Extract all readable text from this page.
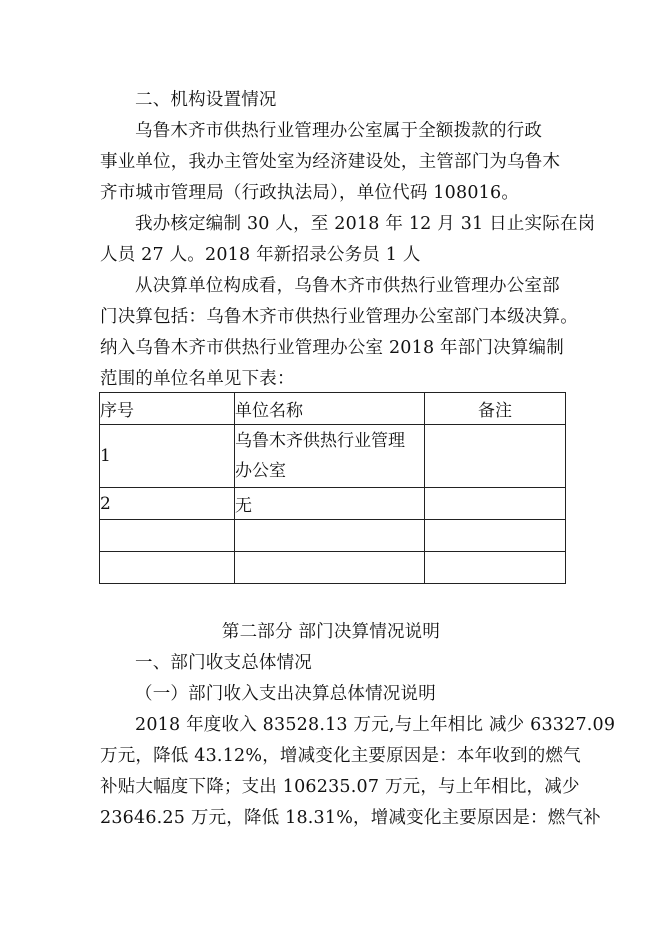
二、机构设置情况
乌鲁木齐市供热行业管理办公室属于全额拨款的行政
事业单位，我办主管处室为经济建设处，主管部门为乌鲁木
齐市城市管理局（行政执法局），单位代码 108016。
我办核定编制 30 人，至 2018 年 12 月 31 日止实际在岗
人员 27 人。2018 年新招录公务员 1 人
从决算单位构成看，乌鲁木齐市供热行业管理办公室部
门决算包括：乌鲁木齐市供热行业管理办公室部门本级决算。
纳入乌鲁木齐市供热行业管理办公室 2018 年部门决算编制
范围的单位名单见下表：
序号	单位名称	备注
1	乌鲁木齐供热行业管理
办公室	

2	无	

第二部分 部门决算情况说明
一、部门收支总体情况
（一）部门收入支出决算总体情况说明
2018 年度收入 83528.13 万元,与上年相比 减少 63327.09
万元，降低 43.12%，增减变化主要原因是：本年收到的燃气
补贴大幅度下降；支出 106235.07 万元，与上年相比，减少
23646.25 万元，降低 18.31%，增减变化主要原因是：燃气补
